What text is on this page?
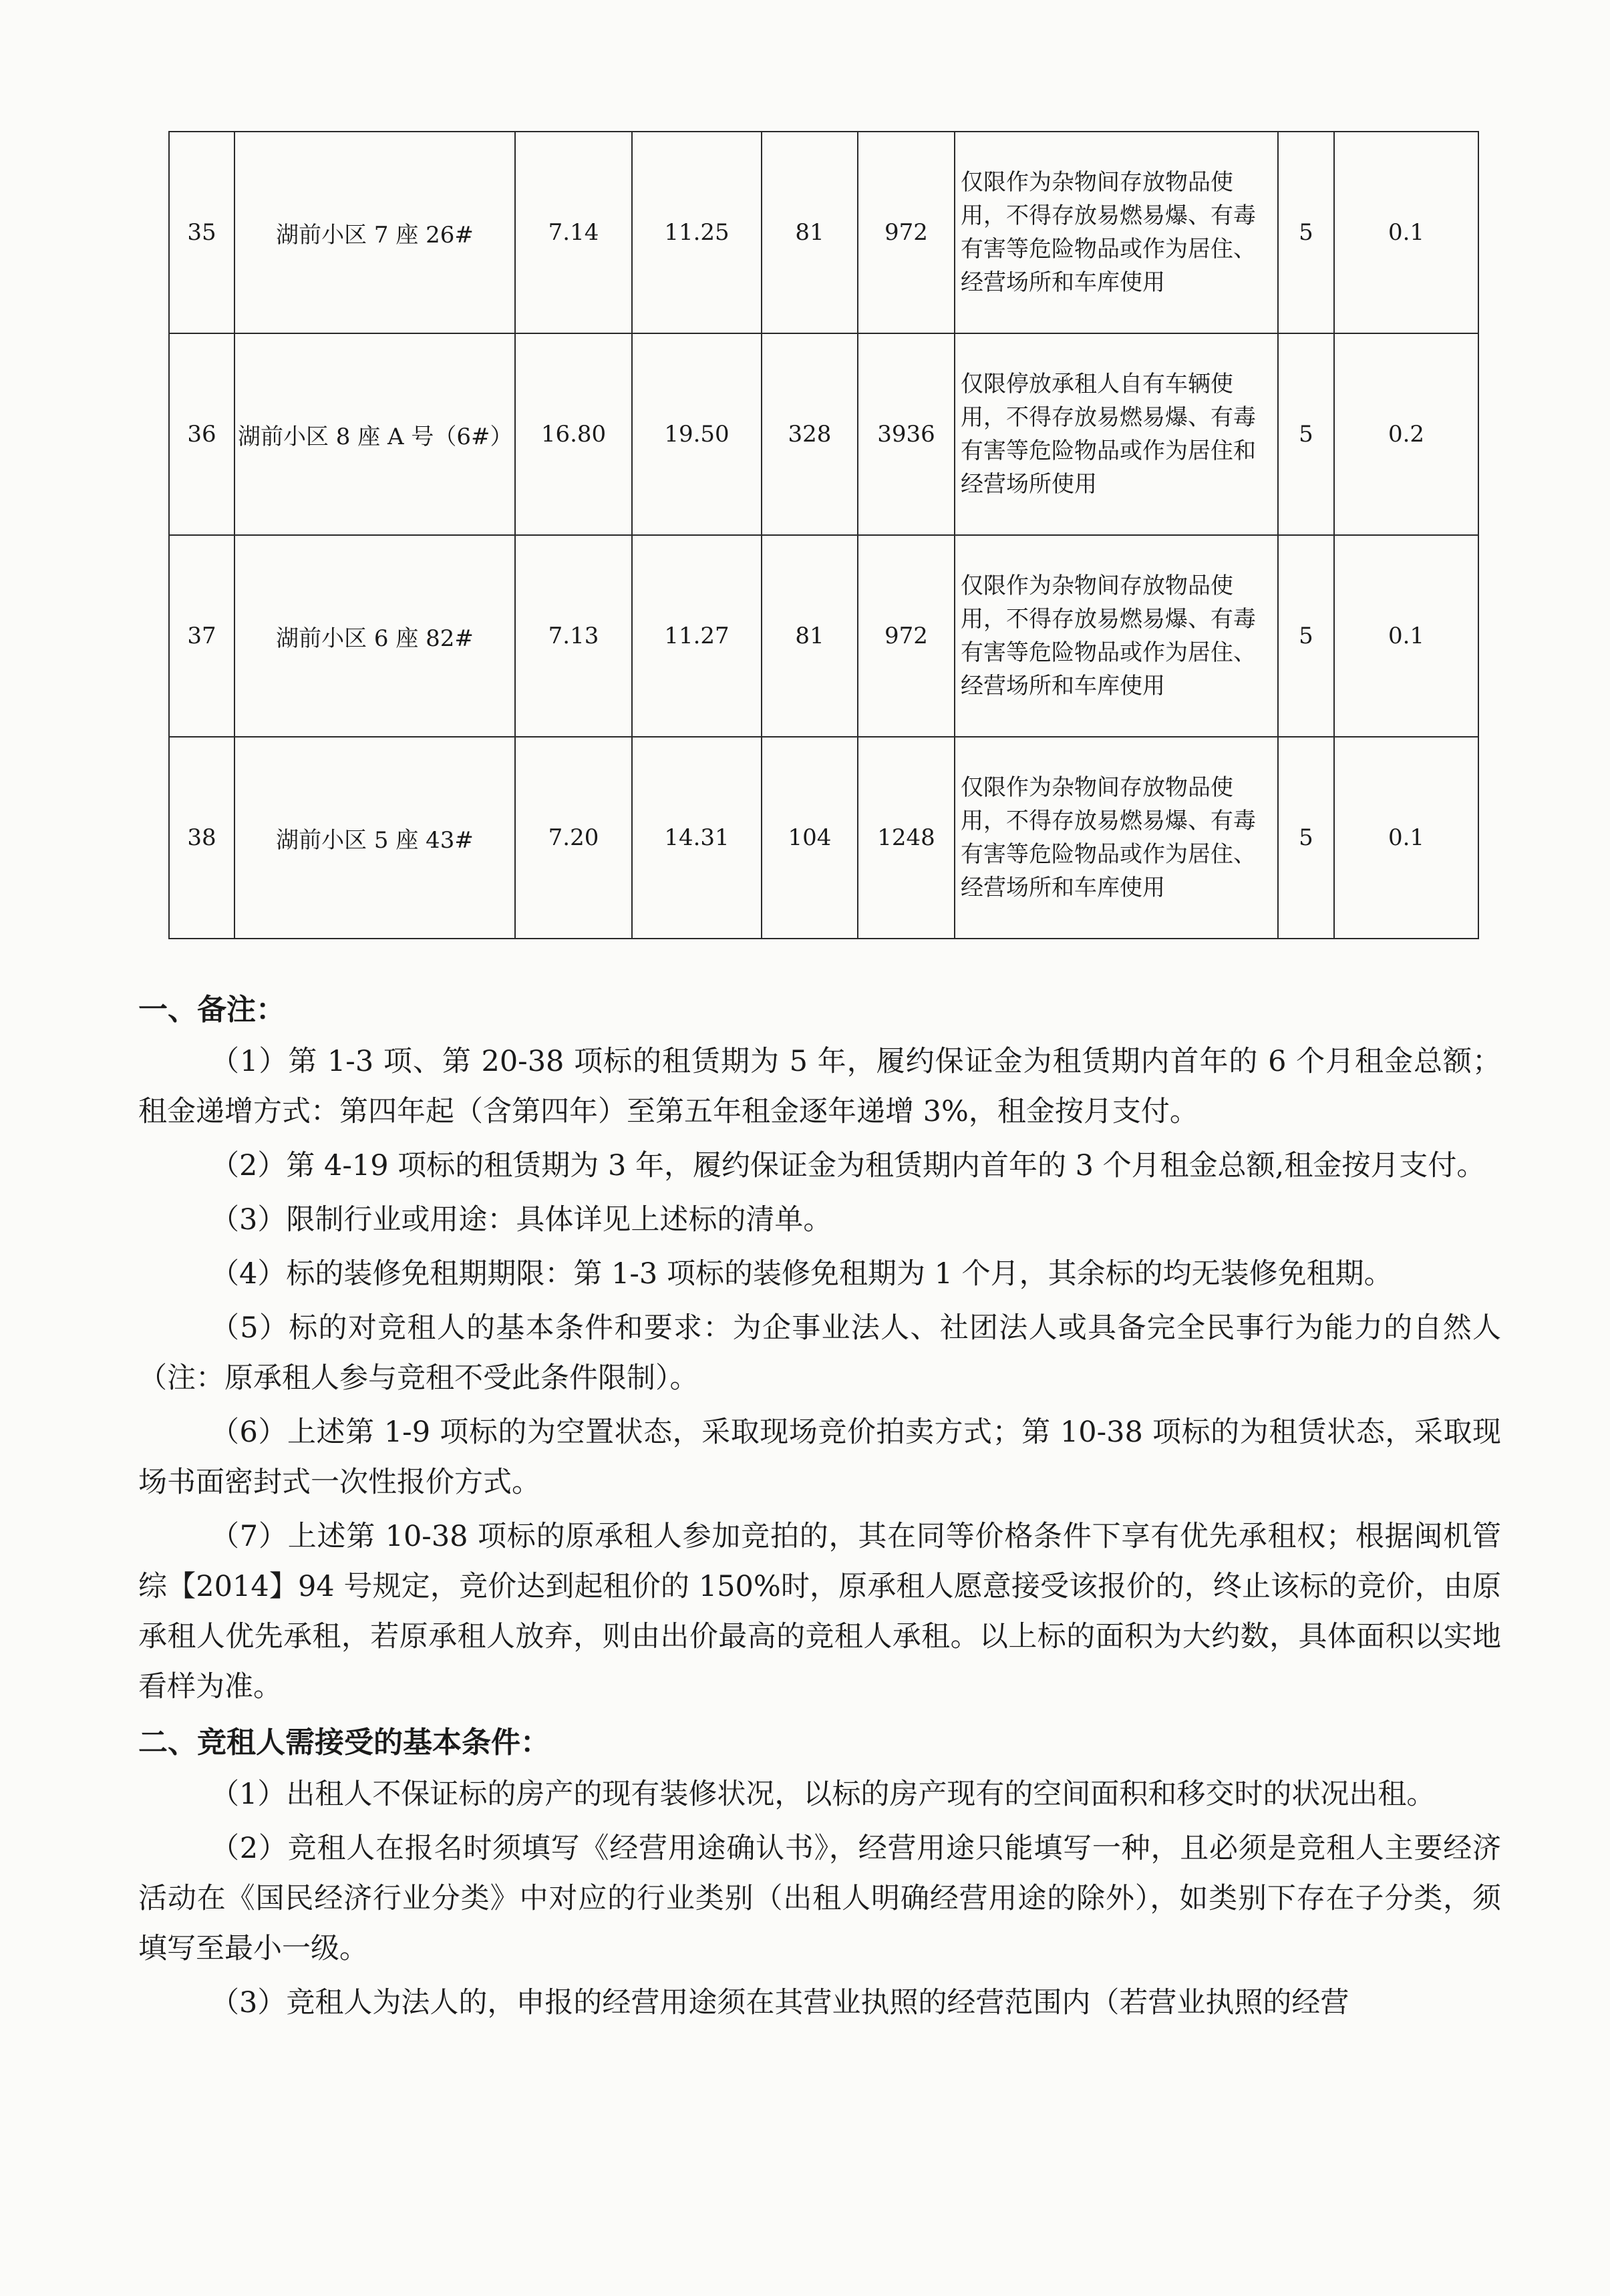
35	湖前小区 7 座 26#	7.14	11.25	81	972	仅限作为杂物间存放物品使用，不得存放易燃易爆、有毒有害等危险物品或作为居住、经营场所和车库使用	5	0.1
36	湖前小区 8 座 A 号（6#）	16.80	19.50	328	3936	仅限停放承租人自有车辆使用，不得存放易燃易爆、有毒有害等危险物品或作为居住和经营场所使用	5	0.2
37	湖前小区 6 座 82#	7.13	11.27	81	972	仅限作为杂物间存放物品使用，不得存放易燃易爆、有毒有害等危险物品或作为居住、经营场所和车库使用	5	0.1
38	湖前小区 5 座 43#	7.20	14.31	104	1248	仅限作为杂物间存放物品使用，不得存放易燃易爆、有毒有害等危险物品或作为居住、经营场所和车库使用	5	0.1
一、备注：

（1）第 1-3 项、第 20-38 项标的租赁期为 5 年，履约保证金为租赁期内首年的 6 个月租金总额；租金递增方式：第四年起（含第四年）至第五年租金逐年递增 3%，租金按月支付。

（2）第 4-19 项标的租赁期为 3 年，履约保证金为租赁期内首年的 3 个月租金总额,租金按月支付。

（3）限制行业或用途：具体详见上述标的清单。

（4）标的装修免租期期限：第 1-3 项标的装修免租期为 1 个月，其余标的均无装修免租期。

（5）标的对竞租人的基本条件和要求：为企事业法人、社团法人或具备完全民事行为能力的自然人（注：原承租人参与竞租不受此条件限制）。

（6）上述第 1-9 项标的为空置状态，采取现场竞价拍卖方式；第 10-38 项标的为租赁状态，采取现场书面密封式一次性报价方式。

（7）上述第 10-38 项标的原承租人参加竞拍的，其在同等价格条件下享有优先承租权；根据闽机管综【2014】94 号规定，竞价达到起租价的 150%时，原承租人愿意接受该报价的，终止该标的竞价，由原承租人优先承租，若原承租人放弃，则由出价最高的竞租人承租。以上标的面积为大约数，具体面积以实地看样为准。

二、竞租人需接受的基本条件：

（1）出租人不保证标的房产的现有装修状况，以标的房产现有的空间面积和移交时的状况出租。

（2）竞租人在报名时须填写《经营用途确认书》，经营用途只能填写一种，且必须是竞租人主要经济活动在《国民经济行业分类》中对应的行业类别（出租人明确经营用途的除外），如类别下存在子分类，须填写至最小一级。

（3）竞租人为法人的，申报的经营用途须在其营业执照的经营范围内（若营业执照的经营
